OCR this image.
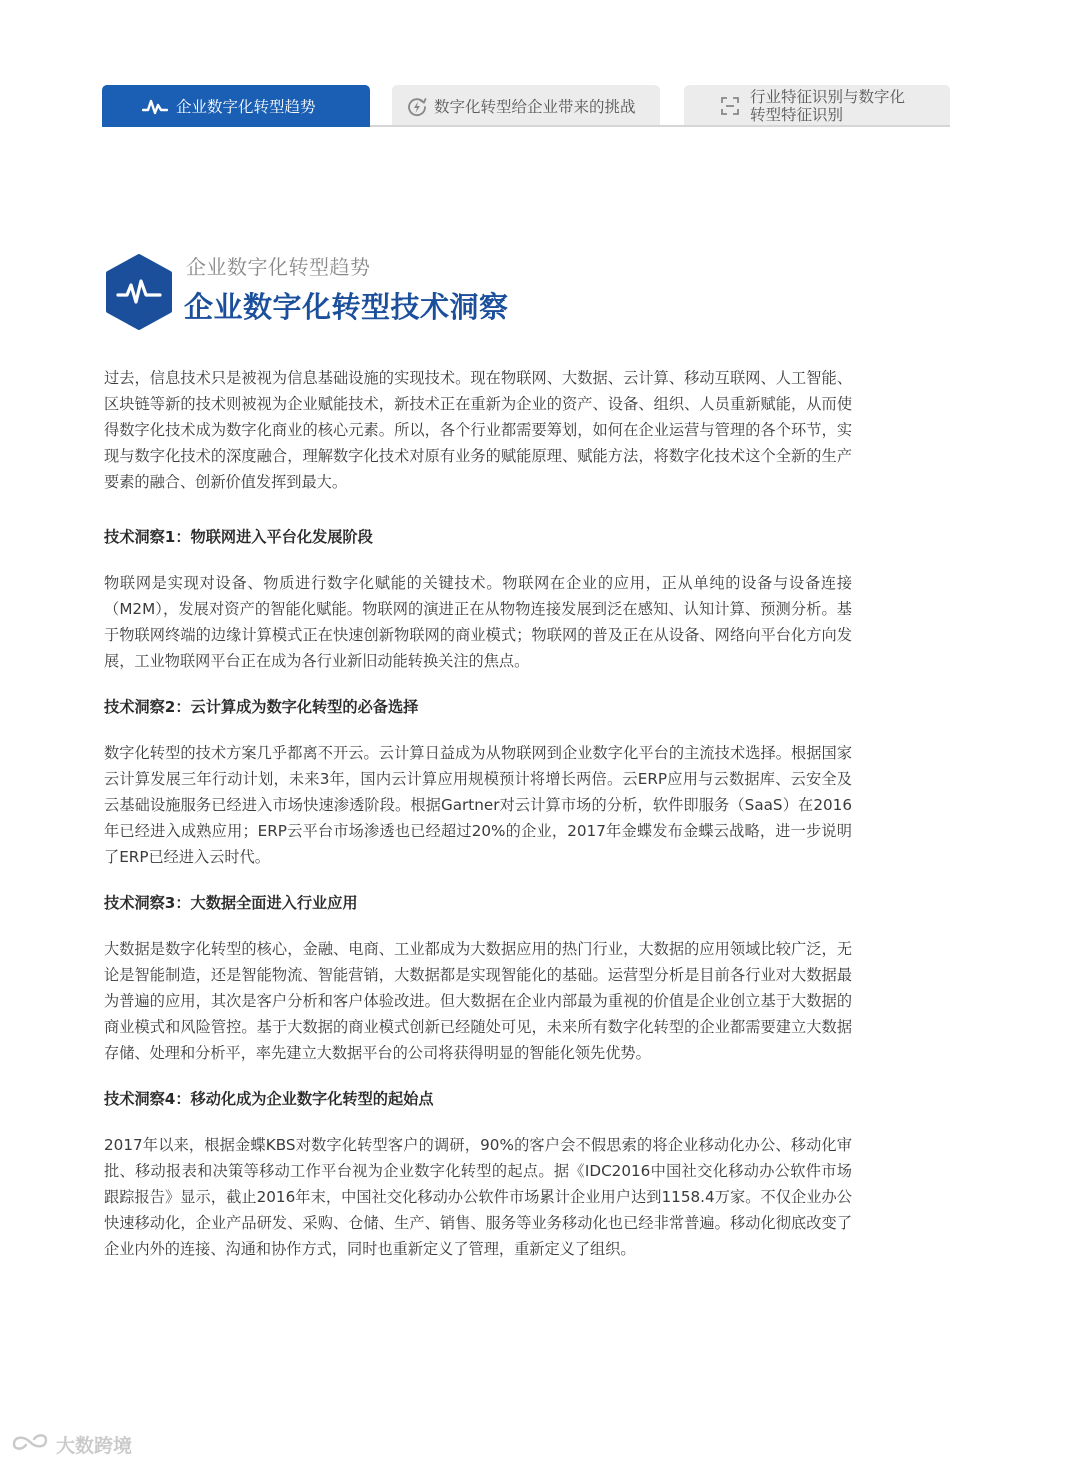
企业数字化转型趋势	数字化转型给企业带来的挑战
行业特征识别与数字化
转型特征识别
企业数字化转型趋势
企业数字化转型技术洞察

过去，信息技术只是被视为信息基础设施的实现技术。现在物联网、大数据、云计算、移动互联网、人工智能、区块链等新的技术则被视为企业赋能技术，新技术正在重新为企业的资产、设备、组织、人员重新赋能，从而使得数字化技术成为数字化商业的核心元素。所以，各个行业都需要筹划，如何在企业运营与管理的各个环节，实现与数字化技术的深度融合，理解数字化技术对原有业务的赋能原理、赋能方法，将数字化技术这个全新的生产要素的融合、创新价值发挥到最大。

技术洞察1：物联网进入平台化发展阶段

物联网是实现对设备、物质进行数字化赋能的关键技术。物联网在企业的应用，正从单纯的设备与设备连接（M2M），发展对资产的智能化赋能。物联网的演进正在从物物连接发展到泛在感知、认知计算、预测分析。基于物联网终端的边缘计算模式正在快速创新物联网的商业模式；物联网的普及正在从设备、网络向平台化方向发展，工业物联网平台正在成为各行业新旧动能转换关注的焦点。

技术洞察2：云计算成为数字化转型的必备选择

数字化转型的技术方案几乎都离不开云。云计算日益成为从物联网到企业数字化平台的主流技术选择。根据国家云计算发展三年行动计划，未来3年，国内云计算应用规模预计将增长两倍。云ERP应用与云数据库、云安全及云基础设施服务已经进入市场快速渗透阶段。根据Gartner对云计算市场的分析，软件即服务（SaaS）在2016年已经进入成熟应用；ERP云平台市场渗透也已经超过20%的企业，2017年金蝶发布金蝶云战略，进一步说明了ERP已经进入云时代。

技术洞察3：大数据全面进入行业应用

大数据是数字化转型的核心，金融、电商、工业都成为大数据应用的热门行业，大数据的应用领域比较广泛，无论是智能制造，还是智能物流、智能营销，大数据都是实现智能化的基础。运营型分析是目前各行业对大数据最为普遍的应用，其次是客户分析和客户体验改进。但大数据在企业内部最为重视的价值是企业创立基于大数据的商业模式和风险管控。基于大数据的商业模式创新已经随处可见，未来所有数字化转型的企业都需要建立大数据存储、处理和分析平，率先建立大数据平台的公司将获得明显的智能化领先优势。

技术洞察4：移动化成为企业数字化转型的起始点

2017年以来，根据金蝶KBS对数字化转型客户的调研，90%的客户会不假思索的将企业移动化办公、移动化审批、移动报表和决策等移动工作平台视为企业数字化转型的起点。据《IDC2016中国社交化移动办公软件市场跟踪报告》显示，截止2016年末，中国社交化移动办公软件市场累计企业用户达到1158.4万家。不仅企业办公快速移动化，企业产品研发、采购、仓储、生产、销售、服务等业务移动化也已经非常普遍。移动化彻底改变了企业内外的连接、沟通和协作方式，同时也重新定义了管理，重新定义了组织。

大数跨境
